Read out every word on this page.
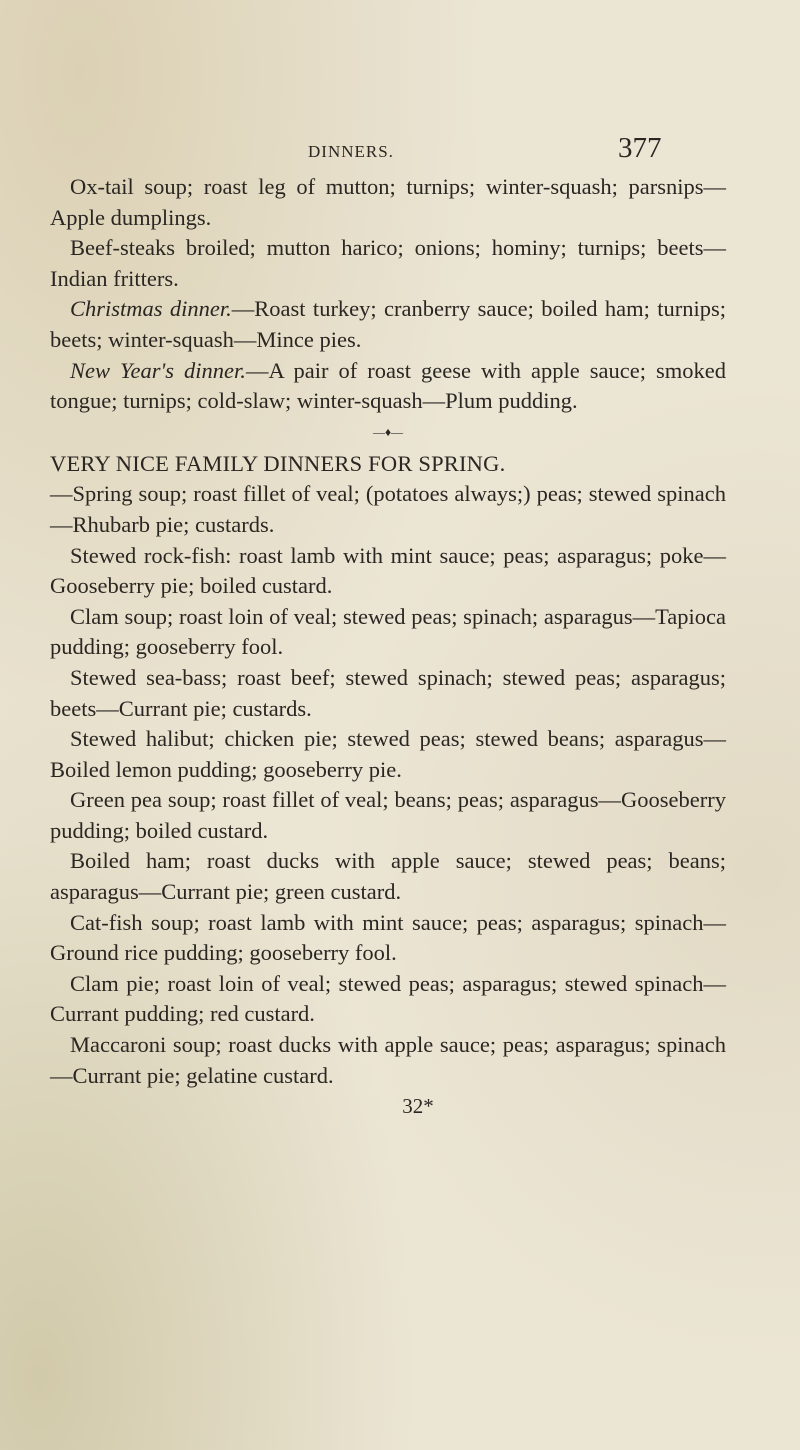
DINNERS.	377

Ox-tail soup; roast leg of mutton; turnips; winter-squash; parsnips—Apple dumplings.

Beef-steaks broiled; mutton harico; onions; hominy; turnips; beets—Indian fritters.

Christmas dinner.—Roast turkey; cranberry sauce; boiled ham; turnips; beets; winter-squash—Mince pies.

New Year's dinner.—A pair of roast geese with apple sauce; smoked tongue; turnips; cold-slaw; winter-squash—Plum pudding.

—♦—

VERY NICE FAMILY DINNERS FOR SPRING.

—Spring soup; roast fillet of veal; (potatoes always;) peas; stewed spinach—Rhubarb pie; custards.

Stewed rock-fish: roast lamb with mint sauce; peas; asparagus; poke—Gooseberry pie; boiled custard.

Clam soup; roast loin of veal; stewed peas; spinach; asparagus—Tapioca pudding; gooseberry fool.

Stewed sea-bass; roast beef; stewed spinach; stewed peas; asparagus; beets—Currant pie; custards.

Stewed halibut; chicken pie; stewed peas; stewed beans; asparagus—Boiled lemon pudding; gooseberry pie.

Green pea soup; roast fillet of veal; beans; peas; asparagus—Gooseberry pudding; boiled custard.

Boiled ham; roast ducks with apple sauce; stewed peas; beans; asparagus—Currant pie; green custard.

Cat-fish soup; roast lamb with mint sauce; peas; asparagus; spinach—Ground rice pudding; gooseberry fool.

Clam pie; roast loin of veal; stewed peas; asparagus; stewed spinach—Currant pudding; red custard.

Maccaroni soup; roast ducks with apple sauce; peas; asparagus; spinach—Currant pie; gelatine custard.

32*
